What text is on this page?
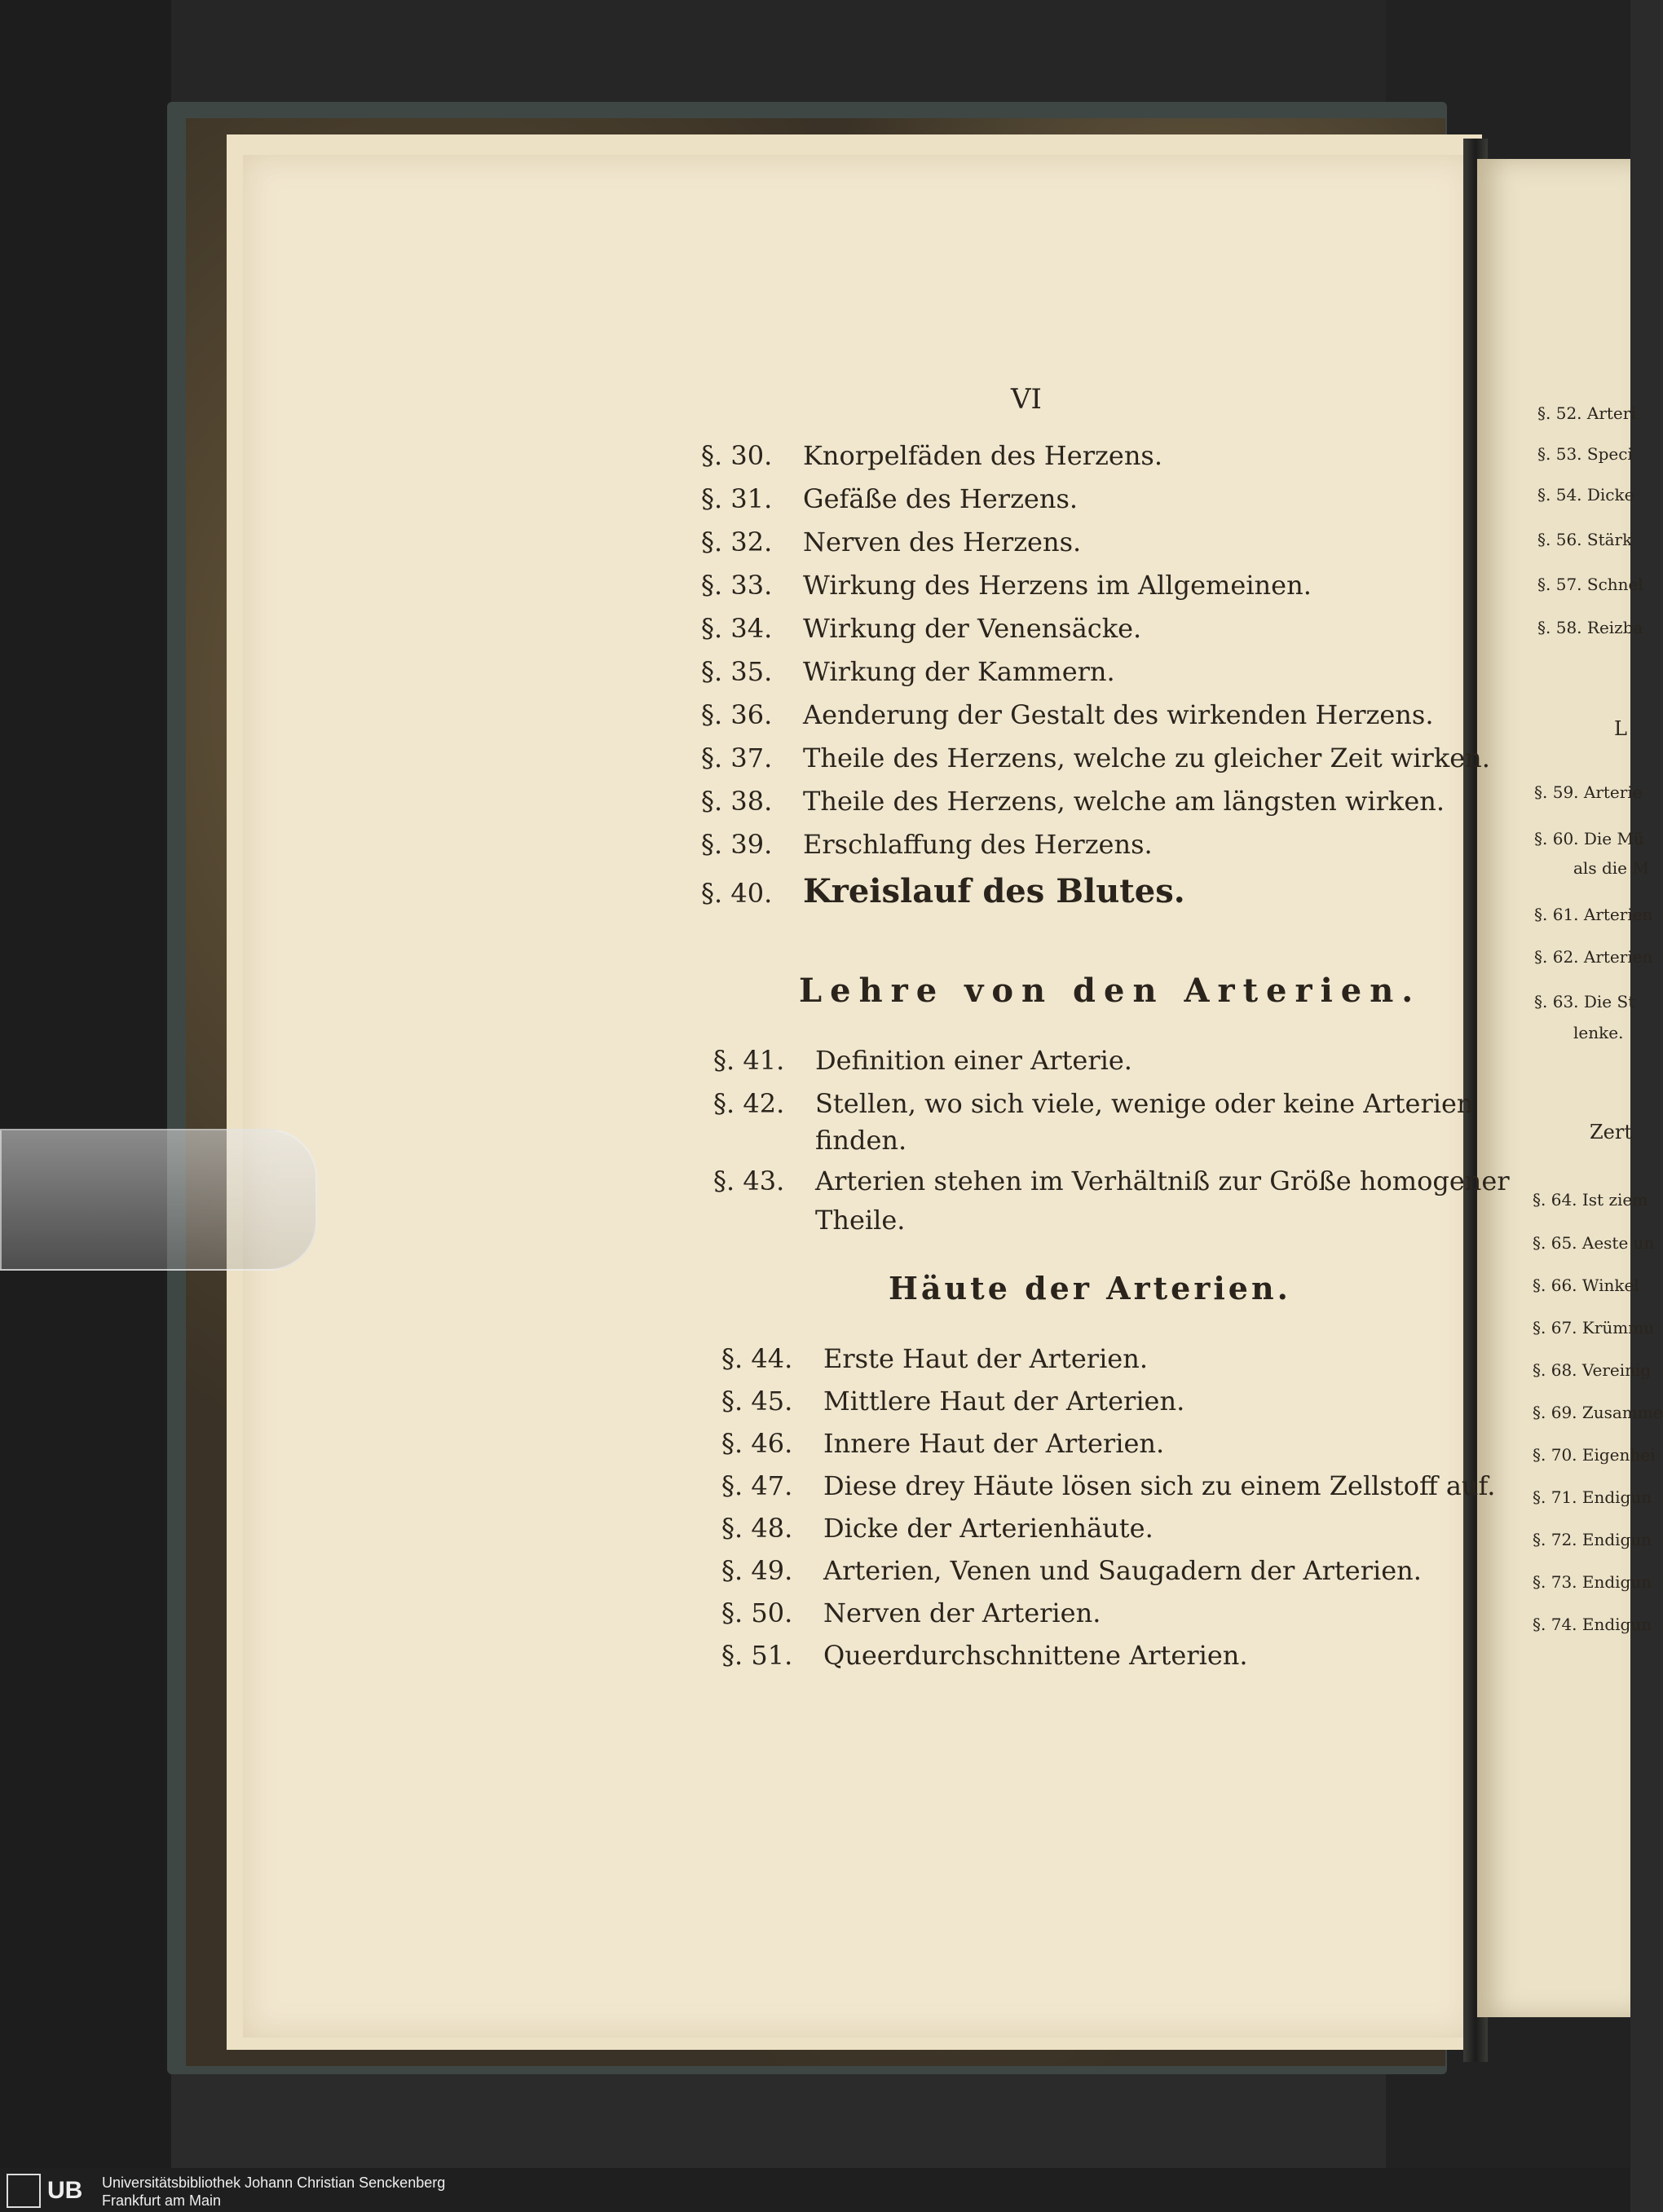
VI
§. 30. Knorpelfäden des Herzens.
§. 31. Gefäße des Herzens.
§. 32. Nerven des Herzens.
§. 33. Wirkung des Herzens im Allgemeinen.
§. 34. Wirkung der Venensäcke.
§. 35. Wirkung der Kammern.
§. 36. Aenderung der Gestalt des wirkenden Herzens.
§. 37. Theile des Herzens, welche zu gleicher Zeit wirken.
§. 38. Theile des Herzens, welche am längsten wirken.
§. 39. Erschlaffung des Herzens.
§. 40. Kreislauf des Blutes.
Lehre von den Arterien.
§. 41. Definition einer Arterie.
§. 42. Stellen, wo sich viele, wenige oder keine Arterien
finden.
§. 43. Arterien stehen im Verhältniß zur Größe homogener
Theile.
Häute der Arterien.
§. 44. Erste Haut der Arterien.
§. 45. Mittlere Haut der Arterien.
§. 46. Innere Haut der Arterien.
§. 47. Diese drey Häute lösen sich zu einem Zellstoff auf.
§. 48. Dicke der Arterienhäute.
§. 49. Arterien, Venen und Saugadern der Arterien.
§. 50. Nerven der Arterien.
§. 51. Queerdurchschnittene Arterien.
§. 52. Arteri
§. 53. Speci
§. 54. Dicke
§. 56. Stärk
§. 57. Schnel
§. 58. Reizba
L
§. 59. Arterie
§. 60. Die Mü
als die M
§. 61. Arterien
§. 62. Arterien
§. 63. Die St
lenke.
Zert
§. 64. Ist ziem
§. 65. Aeste un
§. 66. Winkel
§. 67. Krümmu
§. 68. Vereinig
§. 69. Zusamme
§. 70. Eigenhei
§. 71. Endigun
§. 72. Endigun
§. 73. Endigun
§. 74. Endigun
UB Universitätsbibliothek Johann Christian Senckenberg
Frankfurt am Main
